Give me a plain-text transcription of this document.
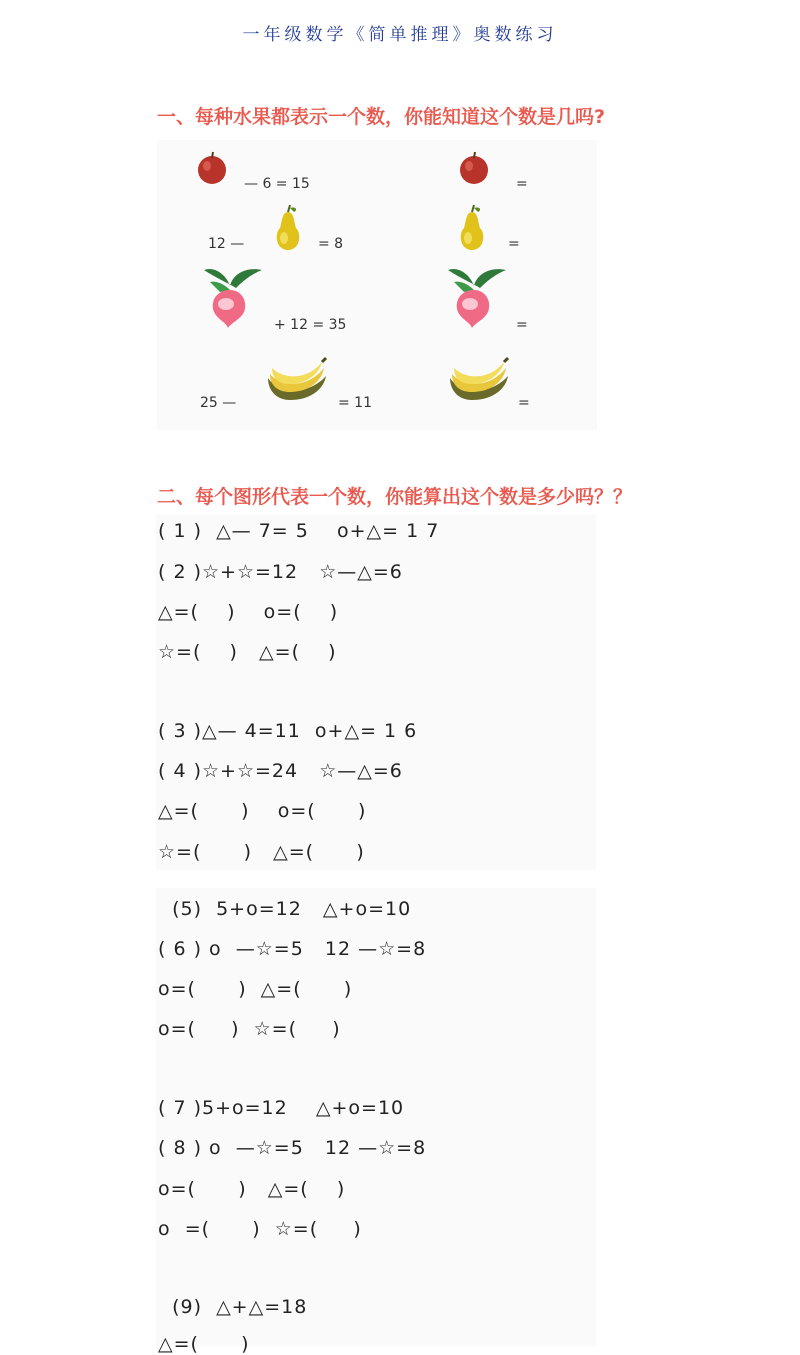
一年级数学《简单推理》奥数练习
一、每种水果都表示一个数，你能知道这个数是几吗?
— 6 = 15	=
12 —	= 8	=
+ 12 = 35	=
25 —	= 11	=
二、每个图形代表一个数，你能算出这个数是多少吗？？
( 1 )  △— 7= 5    o+△= 1 7
( 2 )☆+☆=12   ☆—△=6
△=(    )    o=(    )
☆=(    )   △=(    )
( 3 )△— 4=11  o+△= 1 6
( 4 )☆+☆=24   ☆—△=6
△=(      )    o=(      )
☆=(      )   △=(      )
(5)  5+o=12   △+o=10
( 6 ) o  —☆=5   12 —☆=8
o=(      )  △=(      )
o=(     )  ☆=(     )
( 7 )5+o=12    △+o=10
( 8 ) o  —☆=5   12 —☆=8
o=(      )   △=(    )
o  =(      )  ☆=(     )
(9)  △+△=18
△=(      )
